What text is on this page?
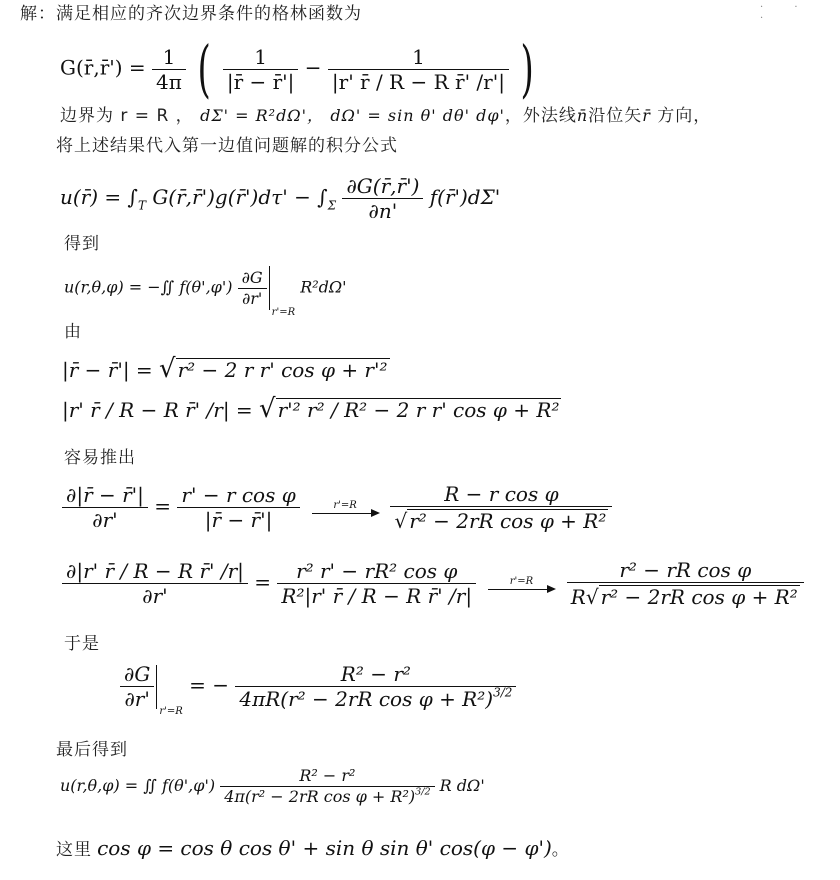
· · ·
解：满足相应的齐次边界条件的格林函数为
G(r̄,r̄') = $\frac{1}{4\pi}$ ( $\frac{1}{|r̄ - r̄'|} - \frac{1}{\text{|r' r̄ / R − R r̄' /r'|}}$ )
边界为 r = R ， dΣ' = R²dΩ'， dΩ' = sin θ' dθ' dφ'，外法线n̄沿位矢r̄ 方向，
将上述结果代入第一边值问题解的积分公式
u(r̄) = $\int_T$ G(r̄,r̄')g(r̄')dτ' − $\int_\Sigma \frac{\partial G(r̄,r̄')}{\partial n'}$ f(r̄')dΣ'
得到
u(r,θ,φ) = −∬ $f(\theta',\varphi') \frac{\partial G}{\partial r'}$
r'=R R²dΩ'
由
|r̄ − r̄'| = √ r² − 2 r r' cos φ + r'²
|r' r̄ / R − R r̄' /r| = √ r'² r² / R² − 2 r r' cos φ + R²
容易推出
$\frac{\partial|r̄ - r̄'|}{\partial r'} = \frac{\text{r' − r cos φ}}{|r̄ - r̄'|}$	r'=R
$\frac{\text{R − r cos φ}}{\text{√ r² − 2rR cos φ + R²}}$
$\frac{\text{∂|r' r̄ / R − R r̄' /r|}}{\partial r'} = \frac{\text{r² r' − rR² cos φ}}{\text{R²|r' r̄ / R − R r̄' /r|}}$	r'=R
$\frac{\text{r² − rR cos φ}}{\text{R√ r² − 2rR cos φ + R²}}$
于是
$\frac{\partial G}{\partial r'}$
r'=R = − $\frac{\text{R² − r²}}{4\pi R(r^2 - 2rR \cos \varphi + R^2)^{3/2}}$
最后得到
u(r,θ,φ) = ∬ $f(\theta',\varphi') \frac{\text{R² − r²}}{4\pi(r^2 - 2rR \cos \varphi + R^2)^{3/2}}$ R dΩ'
这里 cos φ = cos θ cos θ' + sin θ sin θ' cos(φ − φ')。
